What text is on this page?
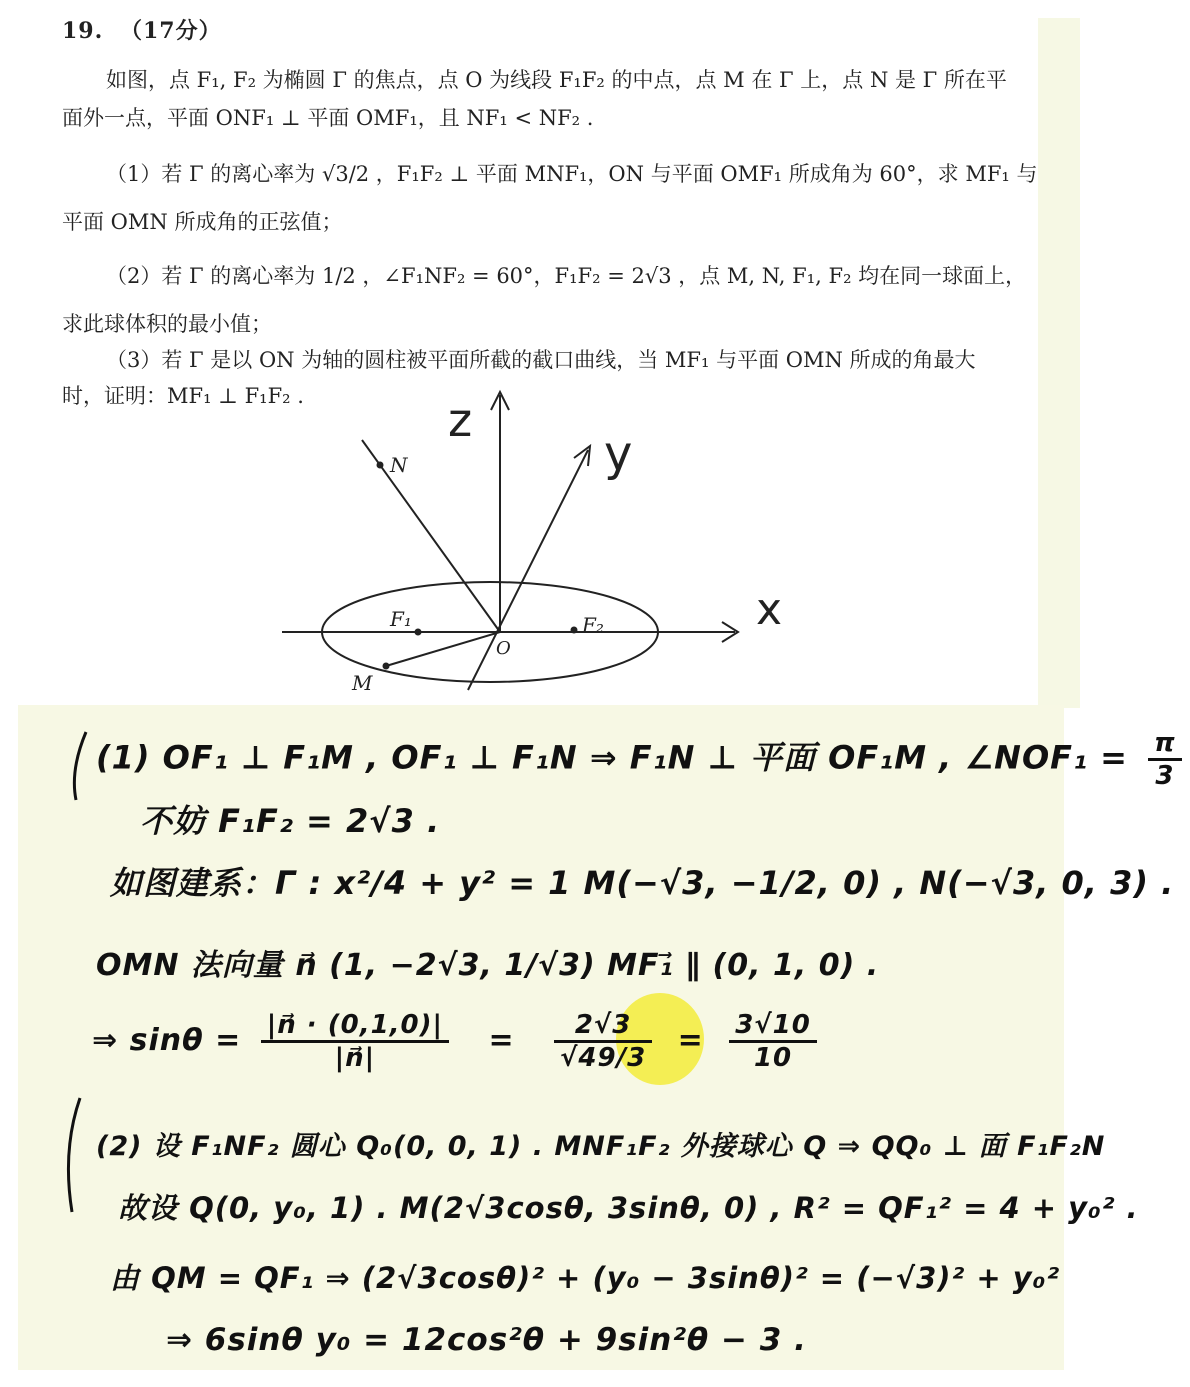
19. （17分）
如图，点 F₁, F₂ 为椭圆 Γ 的焦点，点 O 为线段 F₁F₂ 的中点，点 M 在 Γ 上，点 N 是 Γ 所在平
面外一点，平面 ONF₁ ⊥ 平面 OMF₁，且 NF₁ < NF₂ .
（1）若 Γ 的离心率为 √3/2 ，F₁F₂ ⊥ 平面 MNF₁，ON 与平面 OMF₁ 所成角为 60°，求 MF₁ 与
平面 OMN 所成角的正弦值；
（2）若 Γ 的离心率为 1/2 ，∠F₁NF₂ = 60°，F₁F₂ = 2√3 ，点 M, N, F₁, F₂ 均在同一球面上，
求此球体积的最小值；
（3）若 Γ 是以 ON 为轴的圆柱被平面所截的截口曲线，当 MF₁ 与平面 OMN 所成的角最大
时，证明：MF₁ ⊥ F₁F₂ .	z
y
x
N
F₁	F₂
O
M
(1) OF₁ ⊥ F₁M , OF₁ ⊥ F₁N ⇒ F₁N ⊥ 平面 OF₁M , ∠NOF₁ = $\frac{\pi}{3}$
不妨 F₁F₂ = 2√3 .
如图建系：Γ : x²/4 + y² = 1 M(−√3, −1/2, 0) , N(−√3, 0, 3) .
OMN 法向量 n⃗ (1, −2√3, 1/√3) MF₁⃗ ∥ (0, 1, 0) .
⇒ $\sin\theta = \frac{|n⃗ \cdot (0,1,0)|}{|n⃗|} = \frac{2√3}{√49/3} = \frac{3√10}{10}$
(2) 设 F₁NF₂ 圆心 Q₀(0, 0, 1) . MNF₁F₂ 外接球心 Q ⇒ QQ₀ ⊥ 面 F₁F₂N
故设 Q(0, y₀, 1) . M(2√3cosθ, 3sinθ, 0) , R² = QF₁² = 4 + y₀² .
由 QM = QF₁ ⇒ (2√3cosθ)² + (y₀ − 3sinθ)² = (−√3)² + y₀²
⇒ 6sinθ y₀ = 12cos²θ + 9sin²θ − 3 .
